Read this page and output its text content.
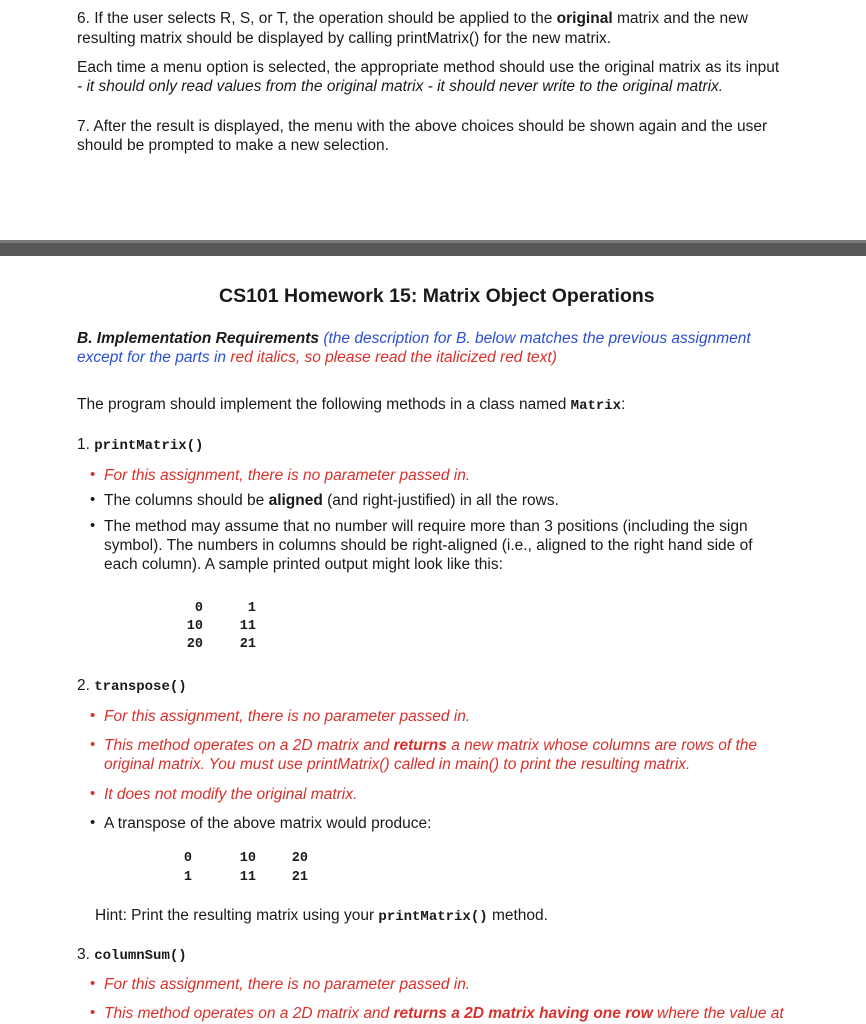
6. If the user selects R, S, or T, the operation should be applied to the original matrix and the new
resulting matrix should be displayed by calling printMatrix() for the new matrix.
Each time a menu option is selected, the appropriate method should use the original matrix as its input
- it should only read values from the original matrix - it should never write to the original matrix.
7. After the result is displayed, the menu with the above choices should be shown again and the user
should be prompted to make a new selection.
CS101 Homework 15: Matrix Object Operations
B. Implementation Requirements (the description for B. below matches the previous assignment
except for the parts in red italics, so please read the italicized red text)
The program should implement the following methods in a class named Matrix:
1. printMatrix()
• For this assignment, there is no parameter passed in.
• The columns should be aligned (and right-justified) in all the rows.
• The method may assume that no number will require more than 3 positions (including the sign
symbol). The numbers in columns should be right-aligned (i.e., aligned to the right hand side of
each column). A sample printed output might look like this:
0	1
10	11
20	21
2. transpose()
• For this assignment, there is no parameter passed in.
• This method operates on a 2D matrix and returns a new matrix whose columns are rows of the
original matrix. You must use printMatrix() called in main() to print the resulting matrix.
• It does not modify the original matrix.
• A transpose of the above matrix would produce:
0	10	20
1	11	21
Hint: Print the resulting matrix using your printMatrix() method.
3. columnSum()
• For this assignment, there is no parameter passed in.
• This method operates on a 2D matrix and returns a 2D matrix having one row where the value at
